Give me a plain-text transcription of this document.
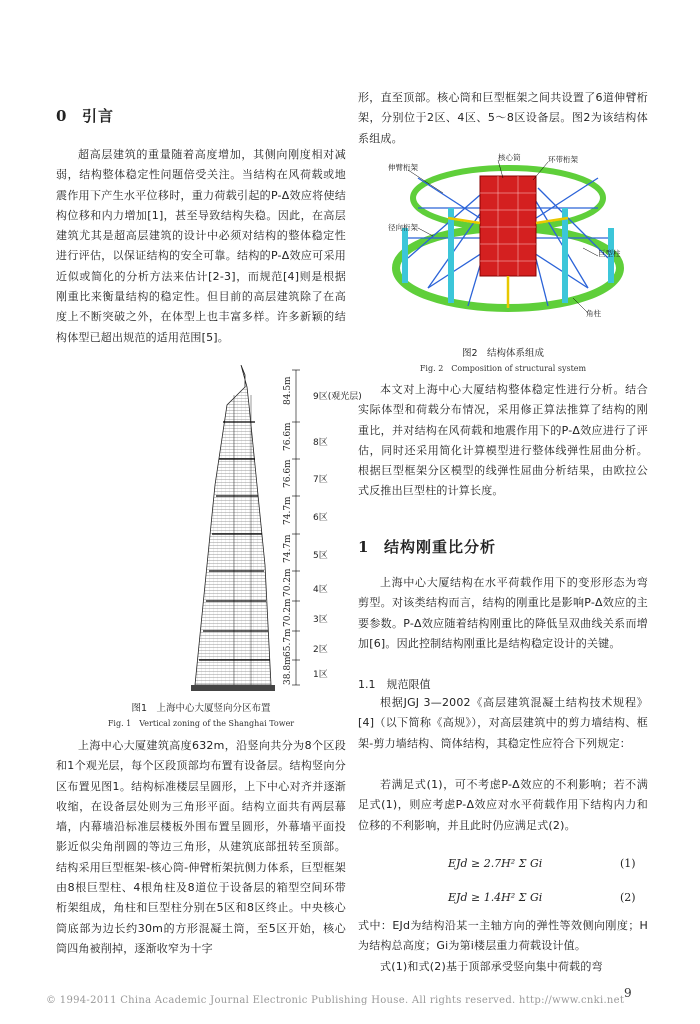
0 引言

超高层建筑的重量随着高度增加，其侧向刚度相对减弱，结构整体稳定性问题倍受关注。当结构在风荷载或地震作用下产生水平位移时，重力荷载引起的P-Δ效应将使结构位移和内力增加[1]，甚至导致结构失稳。因此，在高层建筑尤其是超高层建筑的设计中必须对结构的整体稳定性进行评估，以保证结构的安全可靠。结构的P-Δ效应可采用近似或简化的分析方法来估计[2-3]，而规范[4]则是根据刚重比来衡量结构的稳定性。但目前的高层建筑除了在高度上不断突破之外，在体型上也丰富多样。许多新颖的结构体型已超出规范的适用范围[5]。

84.5m
76.6m
76.6m
74.7m
74.7m
70.2m
70.2m
65.7m
38.8m
9区(观光层)
8区
7区
6区
5区
4区
3区
2区
1区

图1　上海中心大厦竖向分区布置

Fig. 1　Vertical zoning of the Shanghai Tower

上海中心大厦建筑高度632m，沿竖向共分为8个区段和1个观光层，每个区段顶部均布置有设备层。结构竖向分区布置见图1。结构标准楼层呈圆形，上下中心对齐并逐渐收缩，在设备层处则为三角形平面。结构立面共有两层幕墙，内幕墙沿标准层楼板外围布置呈圆形，外幕墙平面投影近似尖角削圆的等边三角形，从建筑底部扭转至顶部。结构采用巨型框架-核心筒-伸臂桁架抗侧力体系，巨型框架由8根巨型柱、4根角柱及8道位于设备层的箱型空间环带桁架组成，角柱和巨型柱分别在5区和8区终止。中央核心筒底部为边长约30m的方形混凝土筒，至5区开始，核心筒四角被削掉，逐渐收窄为十字

形，直至顶部。核心筒和巨型框架之间共设置了6道伸臂桁架，分别位于2区、4区、5～8区设备层。图2为该结构体系组成。

核心筒
伸臂桁架
环带桁架
径向桁架
巨型柱
角柱

图2　结构体系组成

Fig. 2　Composition of structural system

本文对上海中心大厦结构整体稳定性进行分析。结合实际体型和荷载分布情况，采用修正算法推算了结构的刚重比，并对结构在风荷载和地震作用下的P-Δ效应进行了评估，同时还采用简化计算模型进行整体线弹性屈曲分析。根据巨型框架分区模型的线弹性屈曲分析结果，由欧拉公式反推出巨型柱的计算长度。

1 结构刚重比分析

上海中心大厦结构在水平荷载作用下的变形形态为弯剪型。对该类结构而言，结构的刚重比是影响P-Δ效应的主要参数。P-Δ效应随着结构刚重比的降低呈双曲线关系而增加[6]。因此控制结构刚重比是结构稳定设计的关键。

1.1　规范限值

根据JGJ 3—2002《高层建筑混凝土结构技术规程》[4]（以下简称《高规》），对高层建筑中的剪力墙结构、框架-剪力墙结构、筒体结构，其稳定性应符合下列规定：

若满足式(1)，可不考虑P-Δ效应的不利影响；若不满足式(1)，则应考虑P-Δ效应对水平荷载作用下结构内力和位移的不利影响，并且此时仍应满足式(2)。

EJd ≥ 2.7H² Σ Gi	(1)
EJd ≥ 1.4H² Σ Gi	(2)

式中：EJd为结构沿某一主轴方向的弹性等效侧向刚度；H为结构总高度；Gi为第i楼层重力荷载设计值。

式(1)和式(2)基于顶部承受竖向集中荷载的弯

© 1994-2011 China Academic Journal Electronic Publishing House. All rights reserved. http://www.cnki.net
9
